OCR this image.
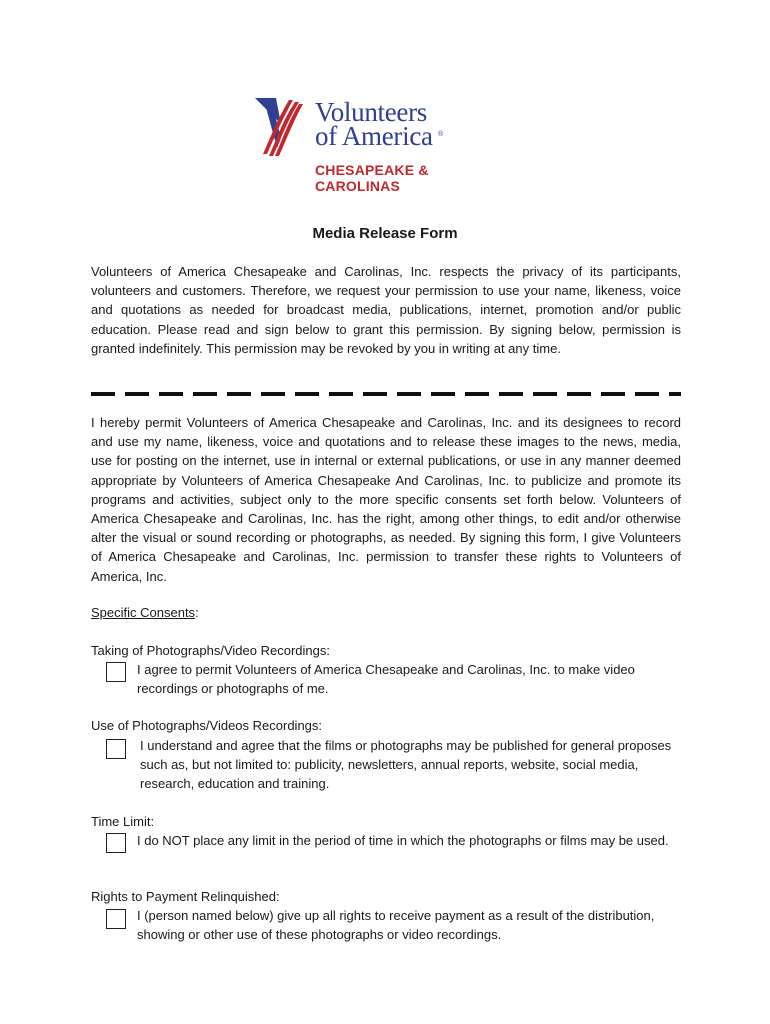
Volunteers
of America ®
CHESAPEAKE & CAROLINAS
Media Release Form
Volunteers of America Chesapeake and Carolinas, Inc. respects the privacy of its participants, volunteers and customers. Therefore, we request your permission to use your name, likeness, voice and quotations as needed for broadcast media, publications, internet, promotion and/or public education. Please read and sign below to grant this permission. By signing below, permission is granted indefinitely. This permission may be revoked by you in writing at any time.
I hereby permit Volunteers of America Chesapeake and Carolinas, Inc. and its designees to record and use my name, likeness, voice and quotations and to release these images to the news, media, use for posting on the internet, use in internal or external publications, or use in any manner deemed appropriate by Volunteers of America Chesapeake And Carolinas, Inc. to publicize and promote its programs and activities, subject only to the more specific consents set forth below. Volunteers of America Chesapeake and Carolinas, Inc. has the right, among other things, to edit and/or otherwise alter the visual or sound recording or photographs, as needed. By signing this form, I give Volunteers of America Chesapeake and Carolinas, Inc. permission to transfer these rights to Volunteers of America, Inc.
Specific Consents:
Taking of Photographs/Video Recordings:
I agree to permit Volunteers of America Chesapeake and Carolinas, Inc. to make video recordings or photographs of me.
Use of Photographs/Videos Recordings:
I understand and agree that the films or photographs may be published for general proposes such as, but not limited to: publicity, newsletters, annual reports, website, social media, research, education and training.
Time Limit:
I do NOT place any limit in the period of time in which the photographs or films may be used.
Rights to Payment Relinquished:
I (person named below) give up all rights to receive payment as a result of the distribution, showing or other use of these photographs or video recordings.
